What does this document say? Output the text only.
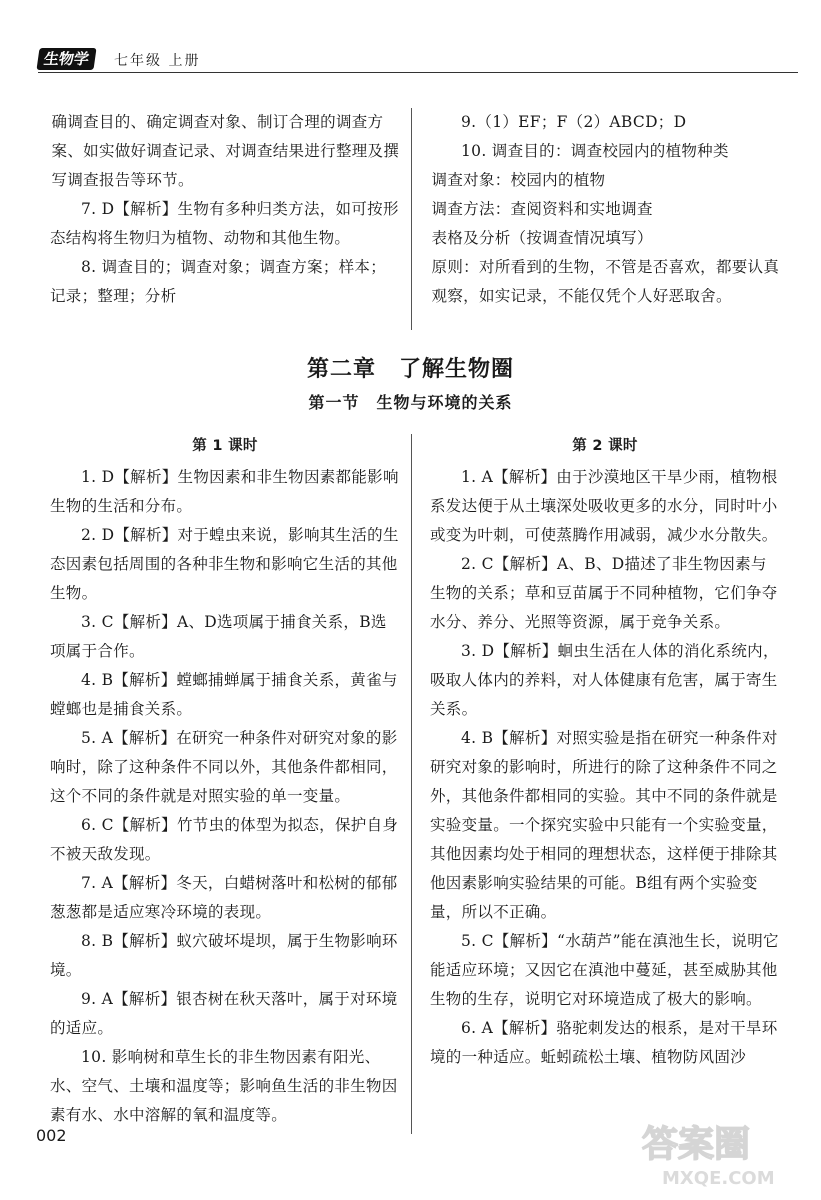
生物学	七年级 上册

确调查目的、确定调查对象、制订合理的调查方案、如实做好调查记录、对调查结果进行整理及撰写调查报告等环节。

7. D【解析】生物有多种归类方法，如可按形态结构将生物归为植物、动物和其他生物。

8. 调查目的；调查对象；调查方案；样本；记录；整理；分析

9.（1）EF；F（2）ABCD；D

10. 调查目的：调查校园内的植物种类

调查对象：校园内的植物

调查方法：查阅资料和实地调查

表格及分析（按调查情况填写）

原则：对所看到的生物，不管是否喜欢，都要认真观察，如实记录，不能仅凭个人好恶取舍。

第二章　了解生物圈
第一节　生物与环境的关系

第 1 课时

1. D【解析】生物因素和非生物因素都能影响生物的生活和分布。

2. D【解析】对于蝗虫来说，影响其生活的生态因素包括周围的各种非生物和影响它生活的其他生物。

3. C【解析】A、D选项属于捕食关系，B选项属于合作。

4. B【解析】螳螂捕蝉属于捕食关系，黄雀与螳螂也是捕食关系。

5. A【解析】在研究一种条件对研究对象的影响时，除了这种条件不同以外，其他条件都相同，这个不同的条件就是对照实验的单一变量。

6. C【解析】竹节虫的体型为拟态，保护自身不被天敌发现。

7. A【解析】冬天，白蜡树落叶和松树的郁郁葱葱都是适应寒冷环境的表现。

8. B【解析】蚁穴破坏堤坝，属于生物影响环境。

9. A【解析】银杏树在秋天落叶，属于对环境的适应。

10. 影响树和草生长的非生物因素有阳光、水、空气、土壤和温度等；影响鱼生活的非生物因素有水、水中溶解的氧和温度等。

第 2 课时

1. A【解析】由于沙漠地区干旱少雨，植物根系发达便于从土壤深处吸收更多的水分，同时叶小或变为叶刺，可使蒸腾作用减弱，减少水分散失。

2. C【解析】A、B、D描述了非生物因素与生物的关系；草和豆苗属于不同种植物，它们争夺水分、养分、光照等资源，属于竞争关系。

3. D【解析】蛔虫生活在人体的消化系统内，吸取人体内的养料，对人体健康有危害，属于寄生关系。

4. B【解析】对照实验是指在研究一种条件对研究对象的影响时，所进行的除了这种条件不同之外，其他条件都相同的实验。其中不同的条件就是实验变量。一个探究实验中只能有一个实验变量，其他因素均处于相同的理想状态，这样便于排除其他因素影响实验结果的可能。B组有两个实验变量，所以不正确。

5. C【解析】“水葫芦”能在滇池生长，说明它能适应环境；又因它在滇池中蔓延，甚至威胁其他生物的生存，说明它对环境造成了极大的影响。

6. A【解析】骆驼刺发达的根系，是对干旱环境的一种适应。蚯蚓疏松土壤、植物防风固沙

002	答案圈
MXQE.COM
